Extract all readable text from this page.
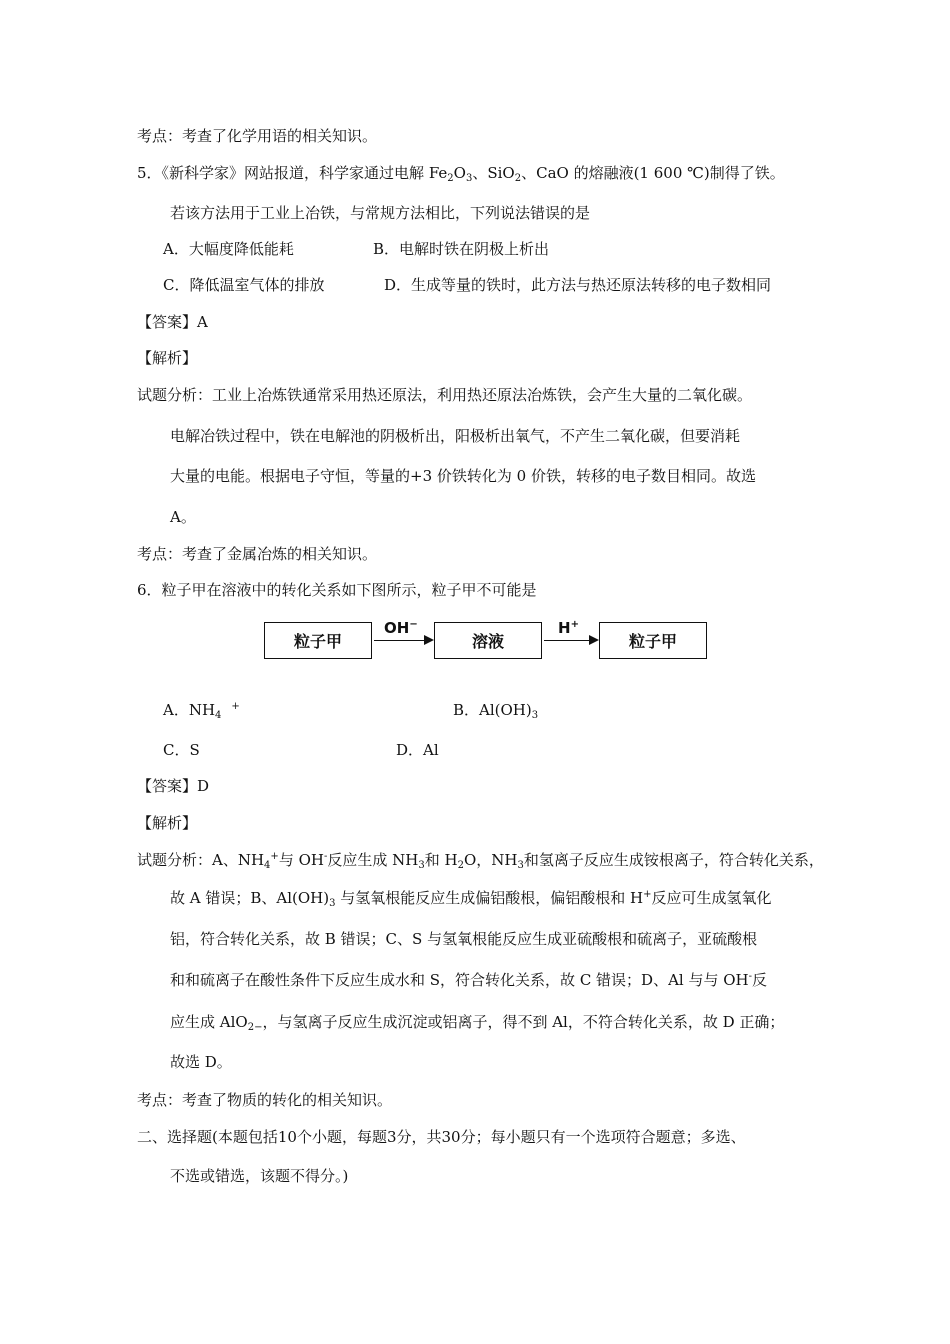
考点：考查了化学用语的相关知识。
5．《新科学家》网站报道，科学家通过电解 $Fe_2O_3$、SiO$_2$、CaO 的熔融液(1 600 ℃)制得了铁。
若该方法用于工业上冶铁，与常规方法相比，下列说法错误的是
A．大幅度降低能耗	B．电解时铁在阴极上析出
C．降低温室气体的排放	D．生成等量的铁时，此方法与热还原法转移的电子数相同
【答案】A
【解析】
试题分析：工业上冶炼铁通常采用热还原法，利用热还原法冶炼铁，会产生大量的二氧化碳。
电解冶铁过程中，铁在电解池的阴极析出，阳极析出氧气，不产生二氧化碳，但要消耗
大量的电能。根据电子守恒，等量的+3 价铁转化为 0 价铁，转移的电子数目相同。故选
A。
考点：考查了金属冶炼的相关知识。
6．粒子甲在溶液中的转化关系如下图所示，粒子甲不可能是
粒子甲
OH−
溶液
H+
粒子甲
A．$NH_4^+$	B．$Al(OH)_3$
C．S	D．Al
【答案】D
【解析】
试题分析：A、$NH_4^+$与 OH-反应生成 $NH_3$和 $H_2O$，$NH_3$和氢离子反应生成铵根离子，符合转化关系，
故 A 错误；B、$Al(OH)_3$ 与氢氧根能反应生成偏铝酸根，偏铝酸根和 H+反应可生成氢氧化
铝，符合转化关系，故 B 错误；C、S 与氢氧根能反应生成亚硫酸根和硫离子，亚硫酸根
和和硫离子在酸性条件下反应生成水和 S，符合转化关系，故 C 错误；D、Al 与与 OH-反
应生成 AlO$_{2-}$，与氢离子反应生成沉淀或铝离子，得不到 Al，不符合转化关系，故 D 正确；
故选 D。
考点：考查了物质的转化的相关知识。
二、选择题(本题包括10个小题，每题3分，共30分；每小题只有一个选项符合题意；多选、
不选或错选，该题不得分。)
